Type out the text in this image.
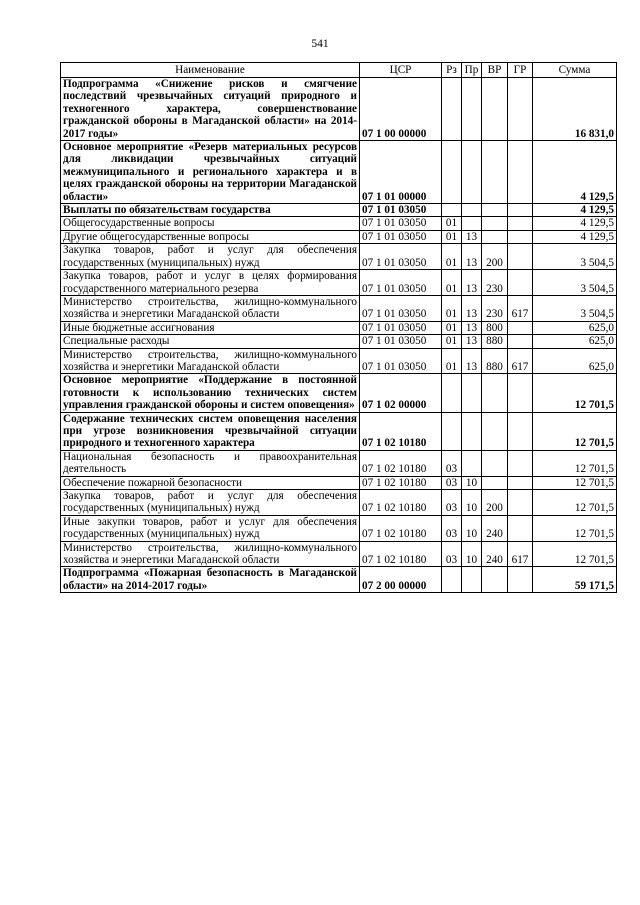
541
Наименование	ЦСР	Рз	Пр	ВР	ГР	Сумма
Подпрограмма «Снижение рисков и смягчение последствий чрезвычайных ситуаций природного и техногенного характера, совершенствование гражданской обороны в Магаданской области» на 2014-2017 годы»	07 1 00 00000					16 831,0
Основное мероприятие «Резерв материальных ресурсов для ликвидации чрезвычайных ситуаций межмуниципального и регионального характера и в целях гражданской обороны на территории Магаданской области»	07 1 01 00000					4 129,5
Выплаты по обязательствам государства	07 1 01 03050					4 129,5
Общегосударственные вопросы	07 1 01 03050	01				4 129,5
Другие общегосударственные вопросы	07 1 01 03050	01	13			4 129,5
Закупка товаров, работ и услуг для обеспечения государственных (муниципальных) нужд	07 1 01 03050	01	13	200		3 504,5
Закупка товаров, работ и услуг в целях формирования государственного материального резерва	07 1 01 03050	01	13	230		3 504,5
Министерство строительства, жилищно-коммунального хозяйства и энергетики Магаданской области	07 1 01 03050	01	13	230	617	3 504,5
Иные бюджетные ассигнования	07 1 01 03050	01	13	800		625,0
Специальные расходы	07 1 01 03050	01	13	880		625,0
Министерство строительства, жилищно-коммунального хозяйства и энергетики Магаданской области	07 1 01 03050	01	13	880	617	625,0
Основное мероприятие «Поддержание в постоянной готовности к использованию технических систем управления гражданской обороны и систем оповещения»	07 1 02 00000					12 701,5
Содержание технических систем оповещения населения при угрозе возникновения чрезвычайной ситуации природного и техногенного характера	07 1 02 10180					12 701,5
Национальная безопасность и правоохранительная деятельность	07 1 02 10180	03				12 701,5
Обеспечение пожарной безопасности	07 1 02 10180	03	10			12 701,5
Закупка товаров, работ и услуг для обеспечения государственных (муниципальных) нужд	07 1 02 10180	03	10	200		12 701,5
Иные закупки товаров, работ и услуг для обеспечения государственных (муниципальных) нужд	07 1 02 10180	03	10	240		12 701,5
Министерство строительства, жилищно-коммунального хозяйства и энергетики Магаданской области	07 1 02 10180	03	10	240	617	12 701,5
Подпрограмма «Пожарная безопасность в Магаданской области» на 2014-2017 годы»	07 2 00 00000					59 171,5
